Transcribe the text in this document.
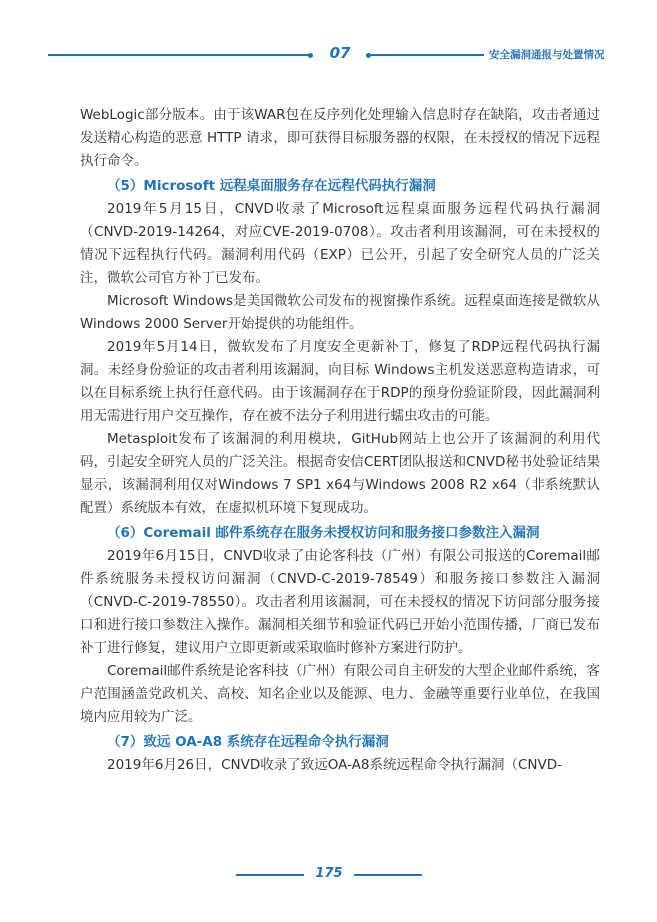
07	安全漏洞通报与处置情况

WebLogic部分版本。由于该WAR包在反序列化处理输入信息时存在缺陷，攻击者通过发送精心构造的恶意 HTTP 请求，即可获得目标服务器的权限，在未授权的情况下远程执行命令。

（5）Microsoft 远程桌面服务存在远程代码执行漏洞

2019年5月15日，CNVD收录了Microsoft远程桌面服务远程代码执行漏洞（CNVD-2019-14264，对应CVE-2019-0708）。攻击者利用该漏洞，可在未授权的情况下远程执行代码。漏洞利用代码（EXP）已公开，引起了安全研究人员的广泛关注，微软公司官方补丁已发布。

Microsoft Windows是美国微软公司发布的视窗操作系统。远程桌面连接是微软从Windows 2000 Server开始提供的功能组件。

2019年5月14日，微软发布了月度安全更新补丁，修复了RDP远程代码执行漏洞。未经身份验证的攻击者利用该漏洞，向目标 Windows主机发送恶意构造请求，可以在目标系统上执行任意代码。由于该漏洞存在于RDP的预身份验证阶段，因此漏洞利用无需进行用户交互操作，存在被不法分子利用进行蠕虫攻击的可能。

Metasploit发布了该漏洞的利用模块，GitHub网站上也公开了该漏洞的利用代码，引起安全研究人员的广泛关注。根据奇安信CERT团队报送和CNVD秘书处验证结果显示，该漏洞利用仅对Windows 7 SP1 x64与Windows 2008 R2 x64（非系统默认配置）系统版本有效，在虚拟机环境下复现成功。

（6）Coremail 邮件系统存在服务未授权访问和服务接口参数注入漏洞

2019年6月15日，CNVD收录了由论客科技（广州）有限公司报送的Coremail邮件系统服务未授权访问漏洞（CNVD-C-2019-78549）和服务接口参数注入漏洞（CNVD-C-2019-78550）。攻击者利用该漏洞，可在未授权的情况下访问部分服务接口和进行接口参数注入操作。漏洞相关细节和验证代码已开始小范围传播，厂商已发布补丁进行修复，建议用户立即更新或采取临时修补方案进行防护。

Coremail邮件系统是论客科技（广州）有限公司自主研发的大型企业邮件系统，客户范围涵盖党政机关、高校、知名企业以及能源、电力、金融等重要行业单位，在我国境内应用较为广泛。

（7）致远 OA-A8 系统存在远程命令执行漏洞

2019年6月26日，CNVD收录了致远OA-A8系统远程命令执行漏洞（CNVD-

175
